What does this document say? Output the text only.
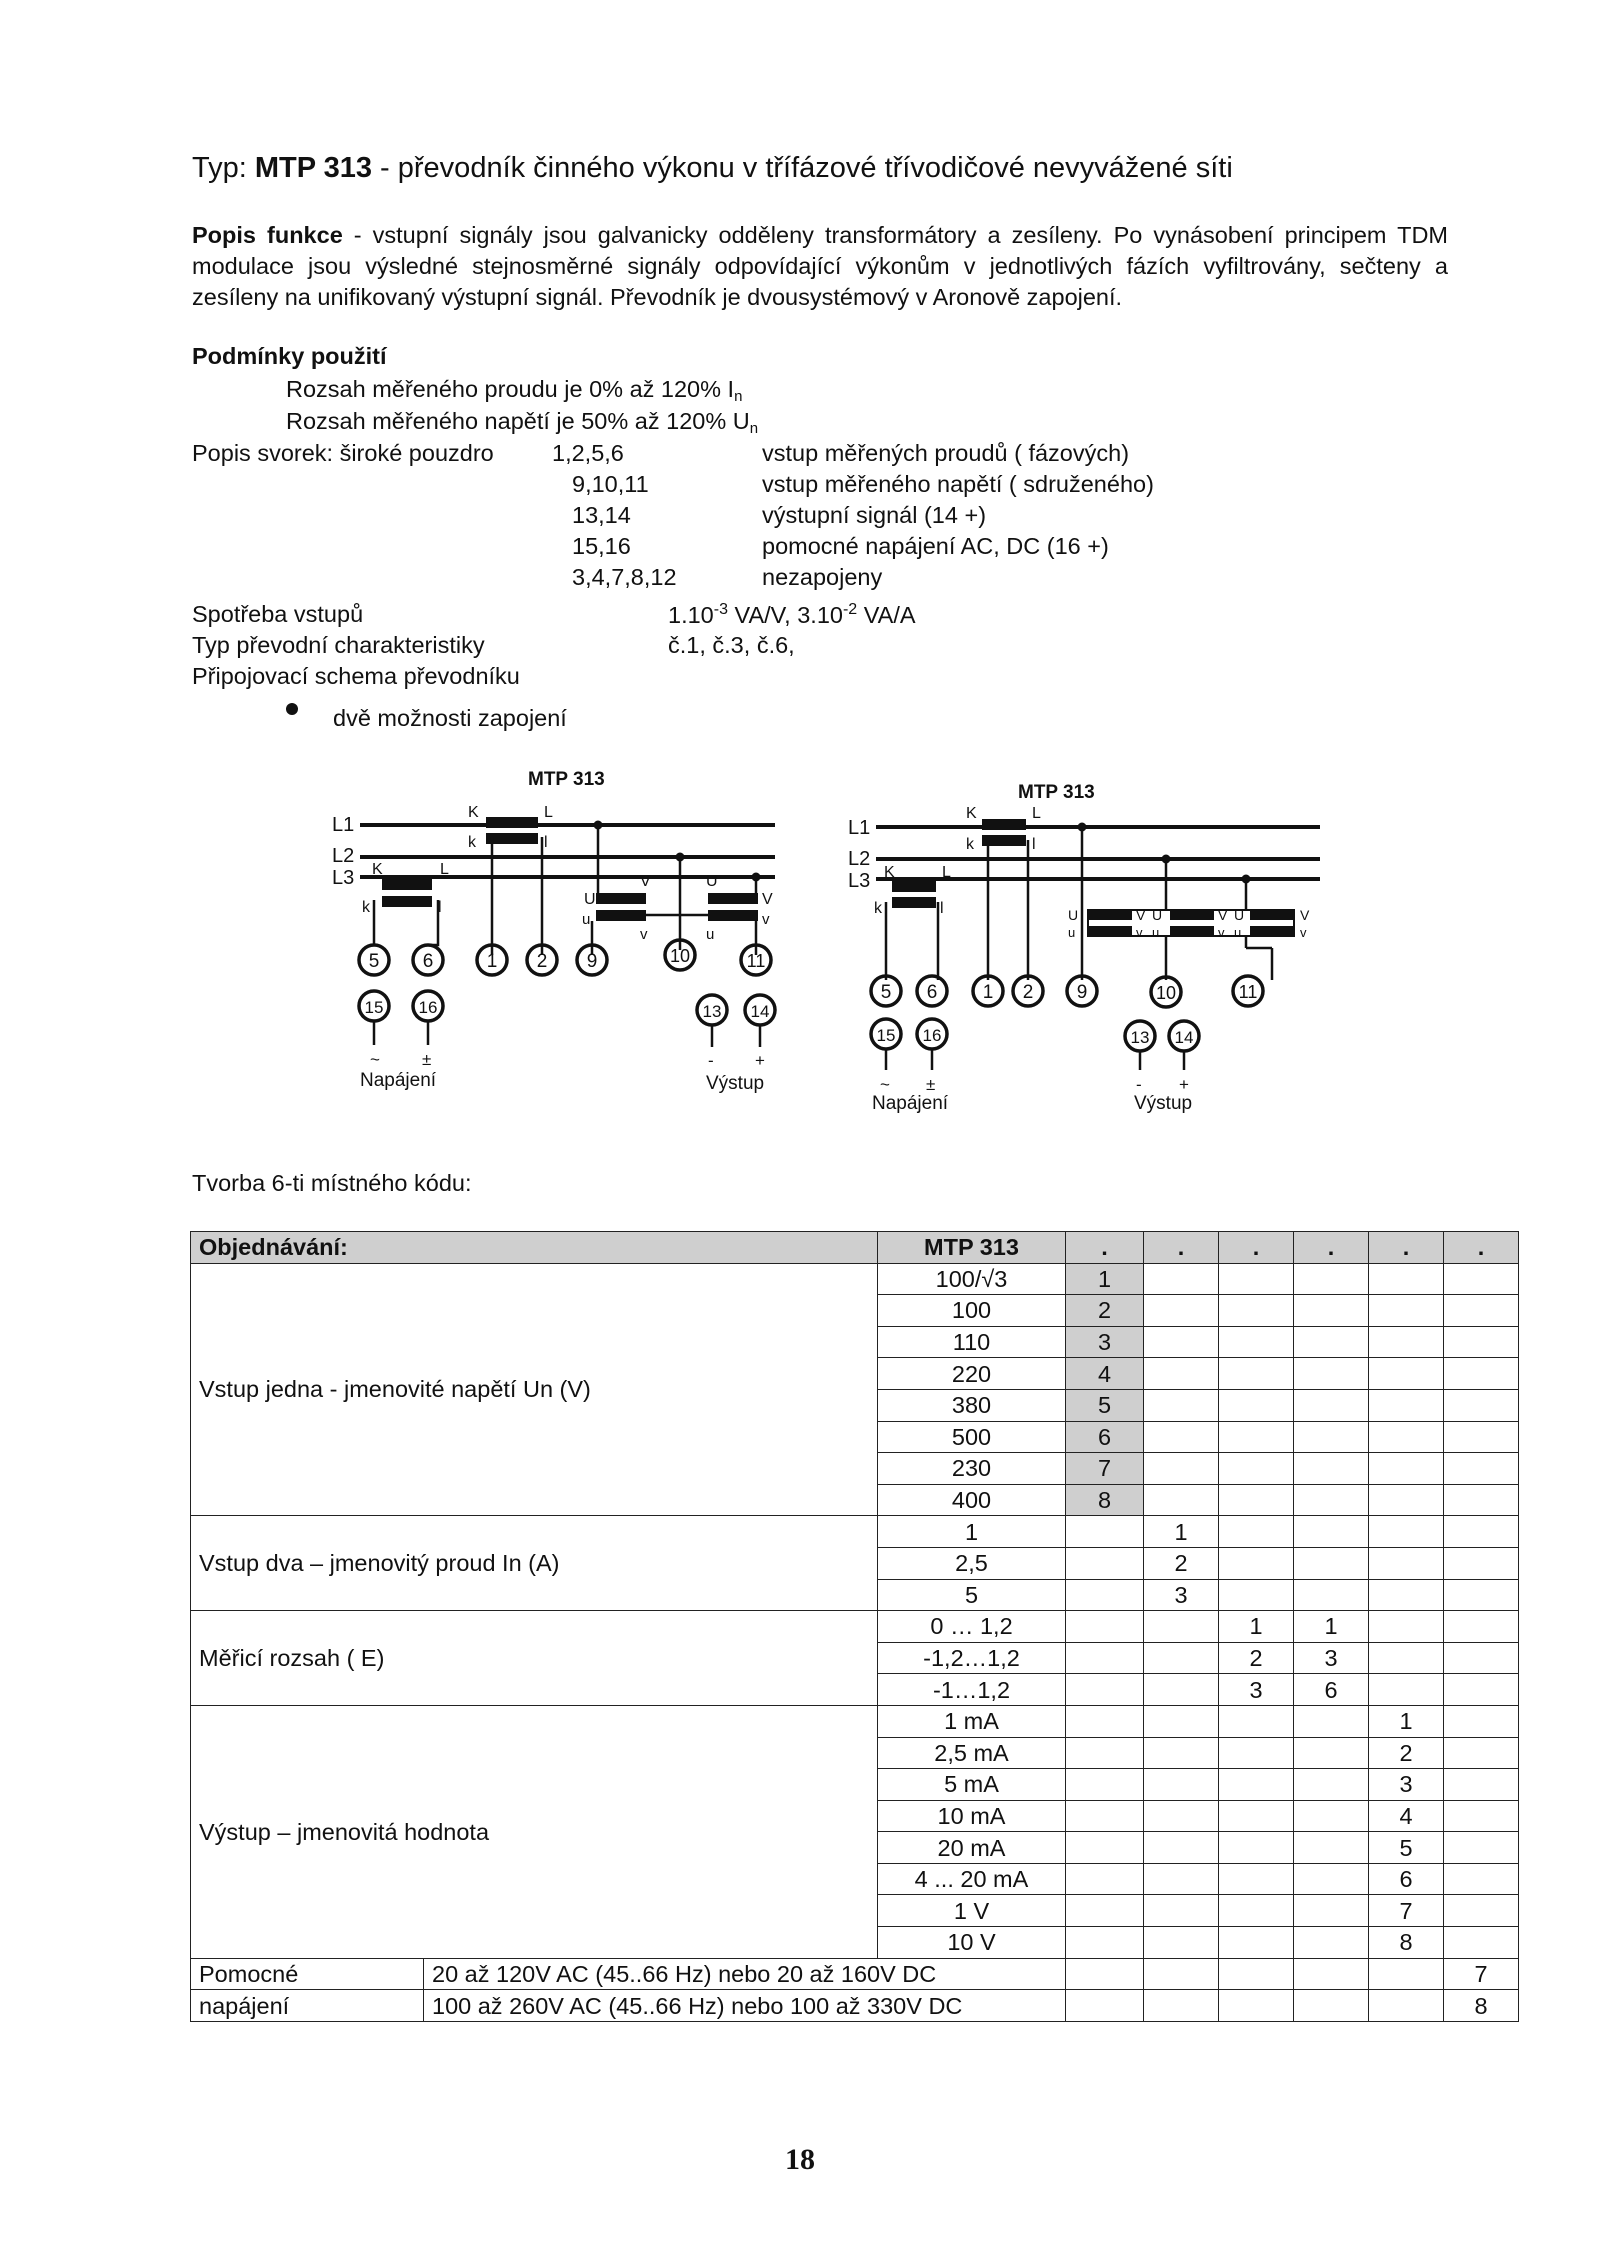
Typ: MTP 313 - převodník činného výkonu v třífázové třívodičové nevyvážené síti
Popis funkce - vstupní signály jsou galvanicky odděleny transformátory a zesíleny. Po vynásobení principem TDM modulace jsou výsledné stejnosměrné signály odpovídající výkonům v jednotlivých fázích vyfiltrovány, sečteny a zesíleny na unifikovaný výstupní signál. Převodník je dvousystémový v Aronově zapojení.
Podmínky použití
Rozsah měřeného proudu je 0% až 120% $I_n$
Rozsah měřeného napětí je 50% až 120% $U_n$
Popis svorek: široké pouzdro 1,2,5,6	vstup měřených proudů ( fázových)
9,10,11	vstup měřeného napětí ( sdruženého)
13,14	výstupní signál (14 +)
15,16	pomocné napájení AC, DC (16 +)
3,4,7,8,12	nezapojeny
Spotřeba vstupů	$1.10^{-3}$ VA/V, $3.10^{-2}$ VA/A
Typ převodní charakteristiky	č.1, č.3, č.6,
Připojovací schema převodníku
dvě možnosti zapojení
MTP 313
L1
L2
L3
K	L
k	l
K	L
k	l	U
V
u
v
U
V
u
v
5 6	1 2 9	10	11
15 16	13 14
~ ±	- +
Napájení	Výstup
MTP 313
L1
L2
L3
K	L
k	l
K	L
k	l	U	V U	V U	V
u	v u	v u	v
5 6 1 2 9	10	11
15 16	13 14
~ ±	- +
Napájení	Výstup
Tvorba 6-ti místného kódu:
Objednávání:		MTP 313	.	.	.	.	.	.
Vstup jedna - jmenovité napětí Un (V)		100/√3	1					
		100	2					
		110	3					
		220	4					
		380	5					
		500	6					
		230	7					
		400	8					
Vstup dva – jmenovitý proud In (A)		1		1				
		2,5		2				
		5		3				
Měřicí rozsah ( E)		0 … 1,2			1	1		
		-1,2…1,2			2	3		
		-1…1,2			3	6		
Výstup – jmenovitá hodnota		1 mA					1	
		2,5 mA					2	
		5 mA					3	
		10 mA					4	
		20 mA					5	
		4 ... 20 mA					6	
		1 V					7	
		10 V					8	
Pomocné	20 až 120V AC (45..66 Hz) nebo 20 až 160V DC							7
napájení	100 až 260V AC (45..66 Hz) nebo 100 až 330V DC							8
18
